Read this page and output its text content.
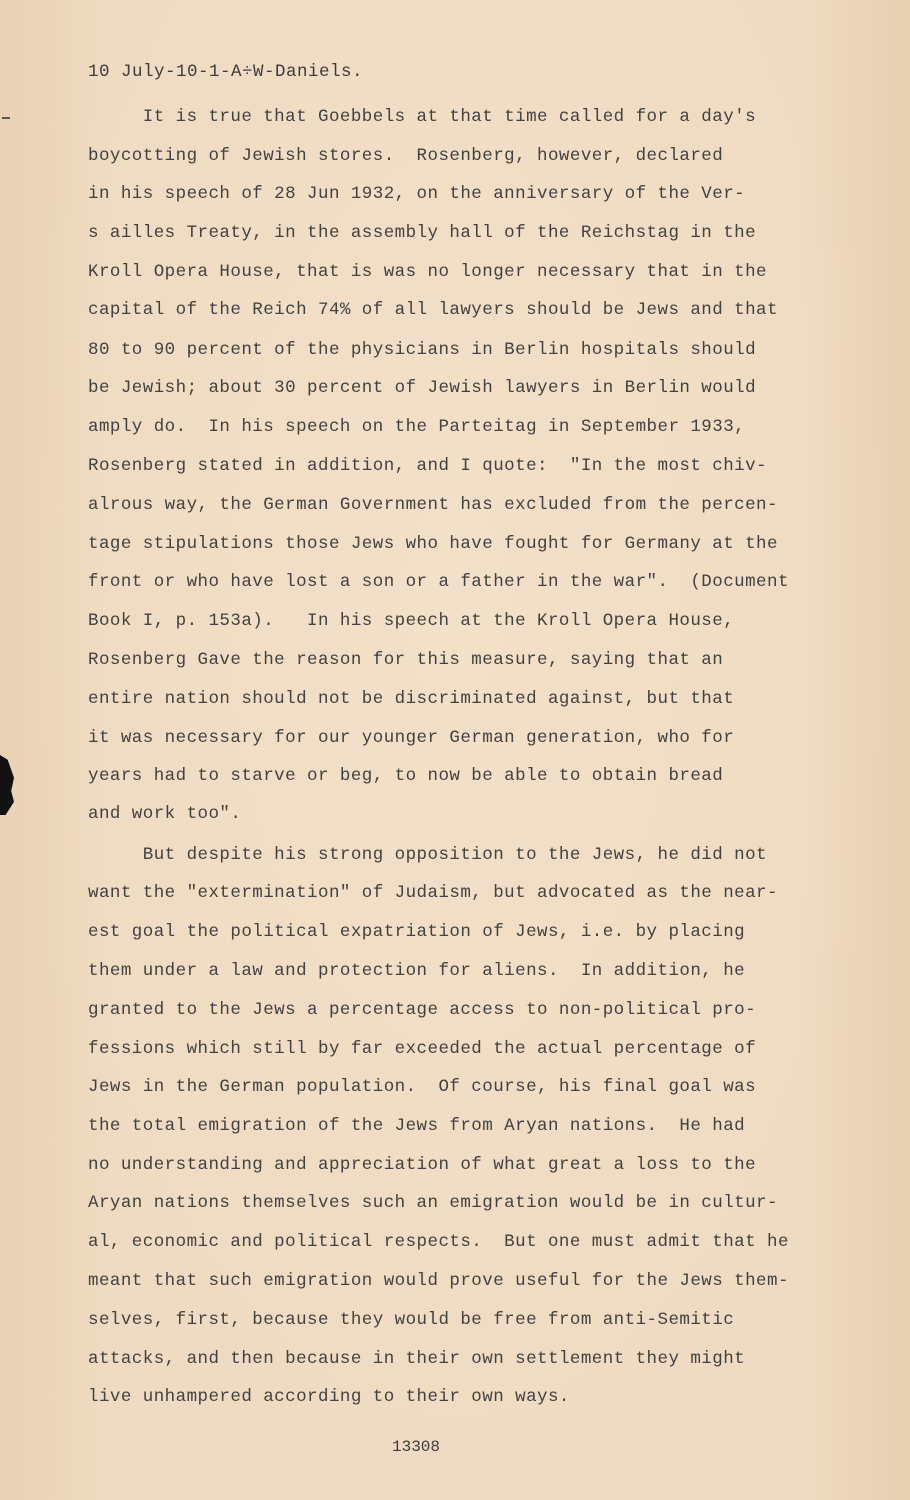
10 July-10-1-A÷W-Daniels.
It is true that Goebbels at that time called for a day's
boycotting of Jewish stores.  Rosenberg, however, declared
in his speech of 28 Jun 1932, on the anniversary of the Ver-
s ailles Treaty, in the assembly hall of the Reichstag in the
Kroll Opera House, that is was no longer necessary that in the
capital of the Reich 74% of all lawyers should be Jews and that
80 to 90 percent of the physicians in Berlin hospitals should
be Jewish; about 30 percent of Jewish lawyers in Berlin would
amply do.  In his speech on the Parteitag in September 1933,
Rosenberg stated in addition, and I quote:  "In the most chiv-
alrous way, the German Government has excluded from the percen-
tage stipulations those Jews who have fought for Germany at the
front or who have lost a son or a father in the war".  (Document
Book I, p. 153a).   In his speech at the Kroll Opera House,
Rosenberg Gave the reason for this measure, saying that an
entire nation should not be discriminated against, but that
it was necessary for our younger German generation, who for
years had to starve or beg, to now be able to obtain bread
and work too".
But despite his strong opposition to the Jews, he did not
want the "extermination" of Judaism, but advocated as the near-
est goal the political expatriation of Jews, i.e. by placing
them under a law and protection for aliens.  In addition, he
granted to the Jews a percentage access to non-political pro-
fessions which still by far exceeded the actual percentage of
Jews in the German population.  Of course, his final goal was
the total emigration of the Jews from Aryan nations.  He had
no understanding and appreciation of what great a loss to the
Aryan nations themselves such an emigration would be in cultur-
al, economic and political respects.  But one must admit that he
meant that such emigration would prove useful for the Jews them-
selves, first, because they would be free from anti-Semitic
attacks, and then because in their own settlement they might
live unhampered according to their own ways.
13308
